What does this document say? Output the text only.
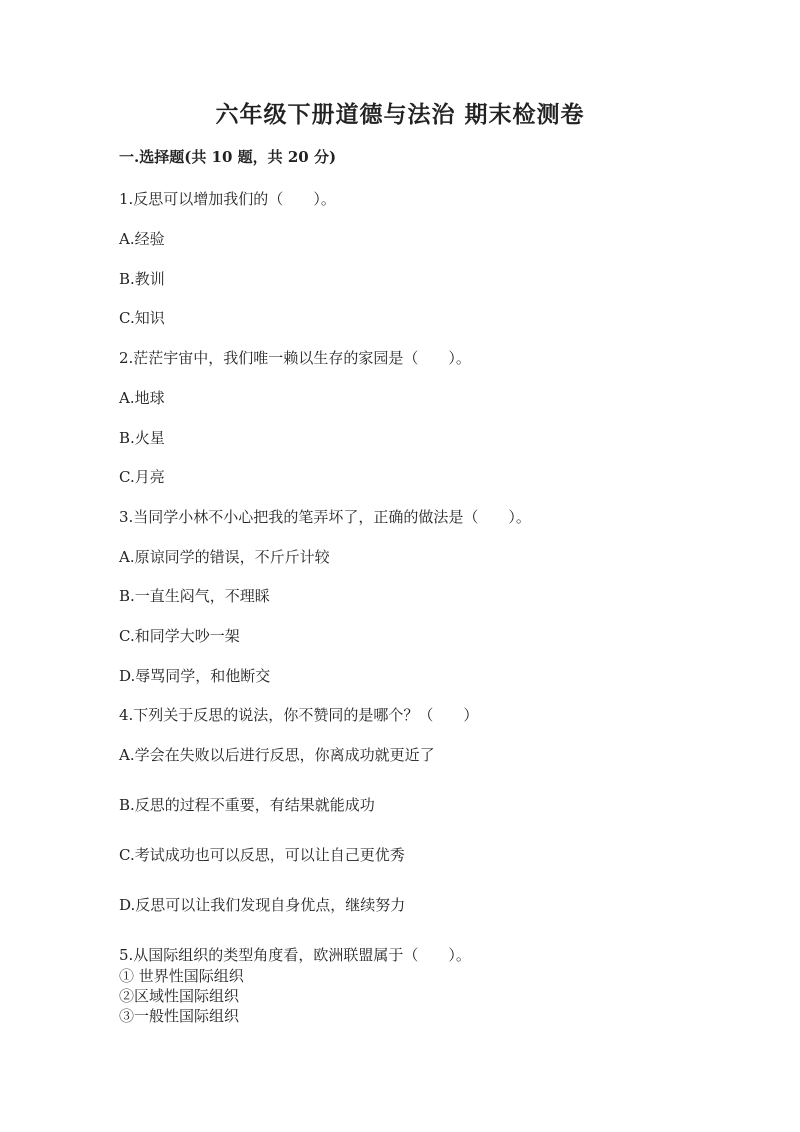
六年级下册道德与法治 期末检测卷
一.选择题(共 10 题，共 20 分)
1.反思可以增加我们的（　　）。
A.经验
B.教训
C.知识
2.茫茫宇宙中，我们唯一赖以生存的家园是（　　）。
A.地球
B.火星
C.月亮
3.当同学小林不小心把我的笔弄坏了，正确的做法是（　　）。
A.原谅同学的错误，不斤斤计较
B.一直生闷气，不理睬
C.和同学大吵一架
D.辱骂同学，和他断交
4.下列关于反思的说法，你不赞同的是哪个？（　　）
A.学会在失败以后进行反思，你离成功就更近了
B.反思的过程不重要，有结果就能成功
C.考试成功也可以反思，可以让自己更优秀
D.反思可以让我们发现自身优点，继续努力
5.从国际组织的类型角度看，欧洲联盟属于（　　）。
① 世界性国际组织
②区域性国际组织
③一般性国际组织
